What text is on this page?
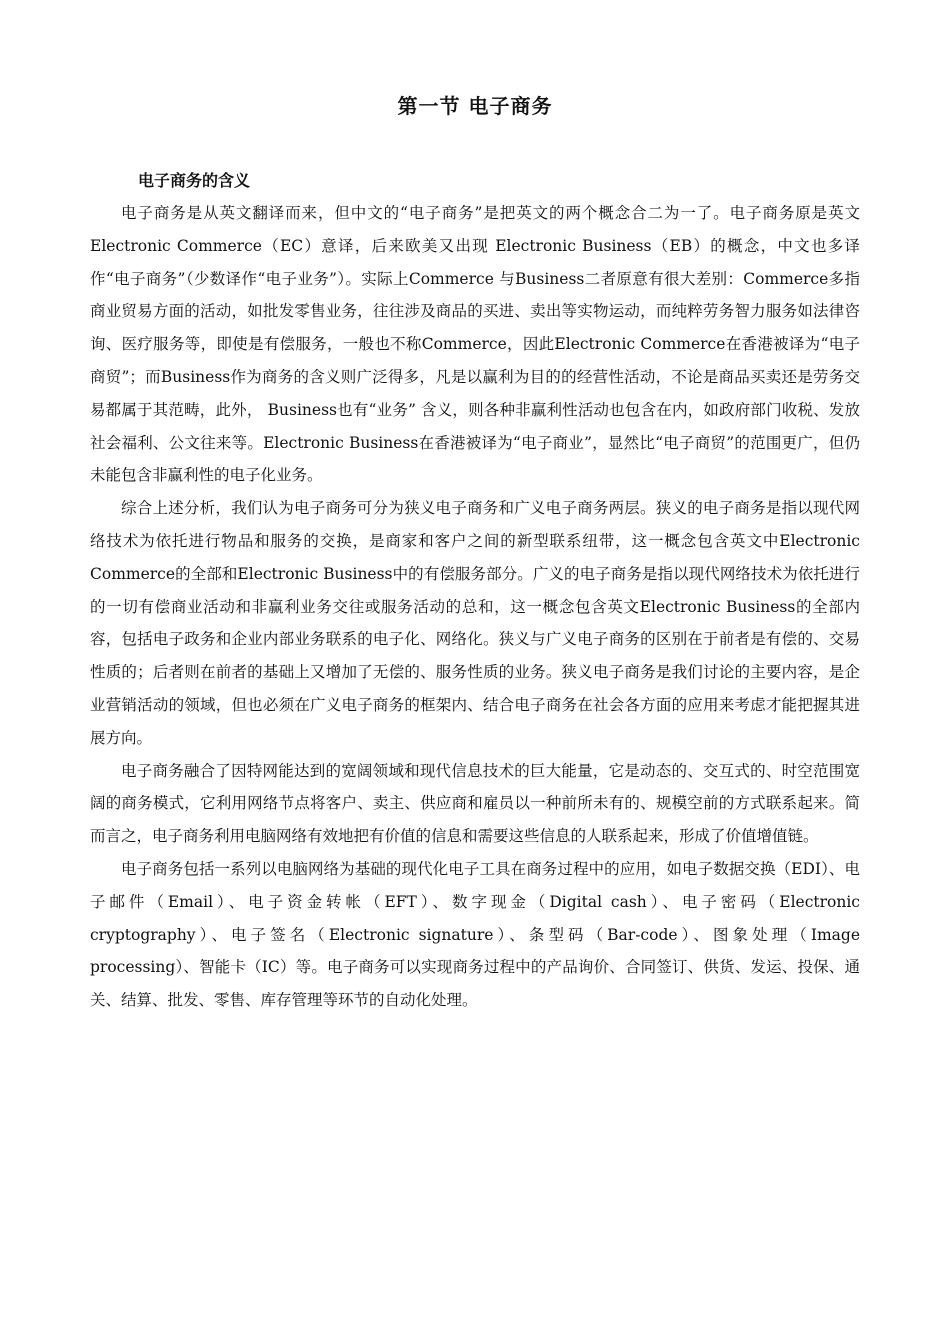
第一节 电子商务
电子商务的含义

电子商务是从英文翻译而来，但中文的“电子商务”是把英文的两个概念合二为一了。电子商务原是英文Electronic Commerce（EC）意译，后来欧美又出现 Electronic Business（EB）的概念，中文也多译作“电子商务”（少数译作“电子业务”）。实际上Commerce 与Business二者原意有很大差别：Commerce多指商业贸易方面的活动，如批发零售业务，往往涉及商品的买进、卖出等实物运动，而纯粹劳务智力服务如法律咨询、医疗服务等，即使是有偿服务，一般也不称Commerce，因此Electronic Commerce在香港被译为“电子商贸”；而Business作为商务的含义则广泛得多，凡是以赢利为目的的经营性活动，不论是商品买卖还是劳务交易都属于其范畴，此外， Business也有“业务” 含义，则各种非赢利性活动也包含在内，如政府部门收税、发放社会福利、公文往来等。Electronic Business在香港被译为“电子商业”，显然比“电子商贸”的范围更广，但仍未能包含非赢利性的电子化业务。

综合上述分析，我们认为电子商务可分为狭义电子商务和广义电子商务两层。狭义的电子商务是指以现代网络技术为依托进行物品和服务的交换，是商家和客户之间的新型联系纽带，这一概念包含英文中Electronic Commerce的全部和Electronic Business中的有偿服务部分。广义的电子商务是指以现代网络技术为依托进行的一切有偿商业活动和非赢利业务交往或服务活动的总和，这一概念包含英文Electronic Business的全部内容，包括电子政务和企业内部业务联系的电子化、网络化。狭义与广义电子商务的区别在于前者是有偿的、交易性质的；后者则在前者的基础上又增加了无偿的、服务性质的业务。狭义电子商务是我们讨论的主要内容，是企业营销活动的领域，但也必须在广义电子商务的框架内、结合电子商务在社会各方面的应用来考虑才能把握其进展方向。

电子商务融合了因特网能达到的宽阔领域和现代信息技术的巨大能量，它是动态的、交互式的、时空范围宽阔的商务模式，它利用网络节点将客户、卖主、供应商和雇员以一种前所未有的、规模空前的方式联系起来。简而言之，电子商务利用电脑网络有效地把有价值的信息和需要这些信息的人联系起来，形成了价值增值链。

电子商务包括一系列以电脑网络为基础的现代化电子工具在商务过程中的应用，如电子数据交换（EDI）、电子邮件（Email）、电子资金转帐（EFT）、数字现金（Digital cash）、电子密码（Electronic cryptography）、电子签名（Electronic signature）、条型码（Bar-code）、图象处理（Image processing）、智能卡（IC）等。电子商务可以实现商务过程中的产品询价、合同签订、供货、发运、投保、通关、结算、批发、零售、库存管理等环节的自动化处理。
